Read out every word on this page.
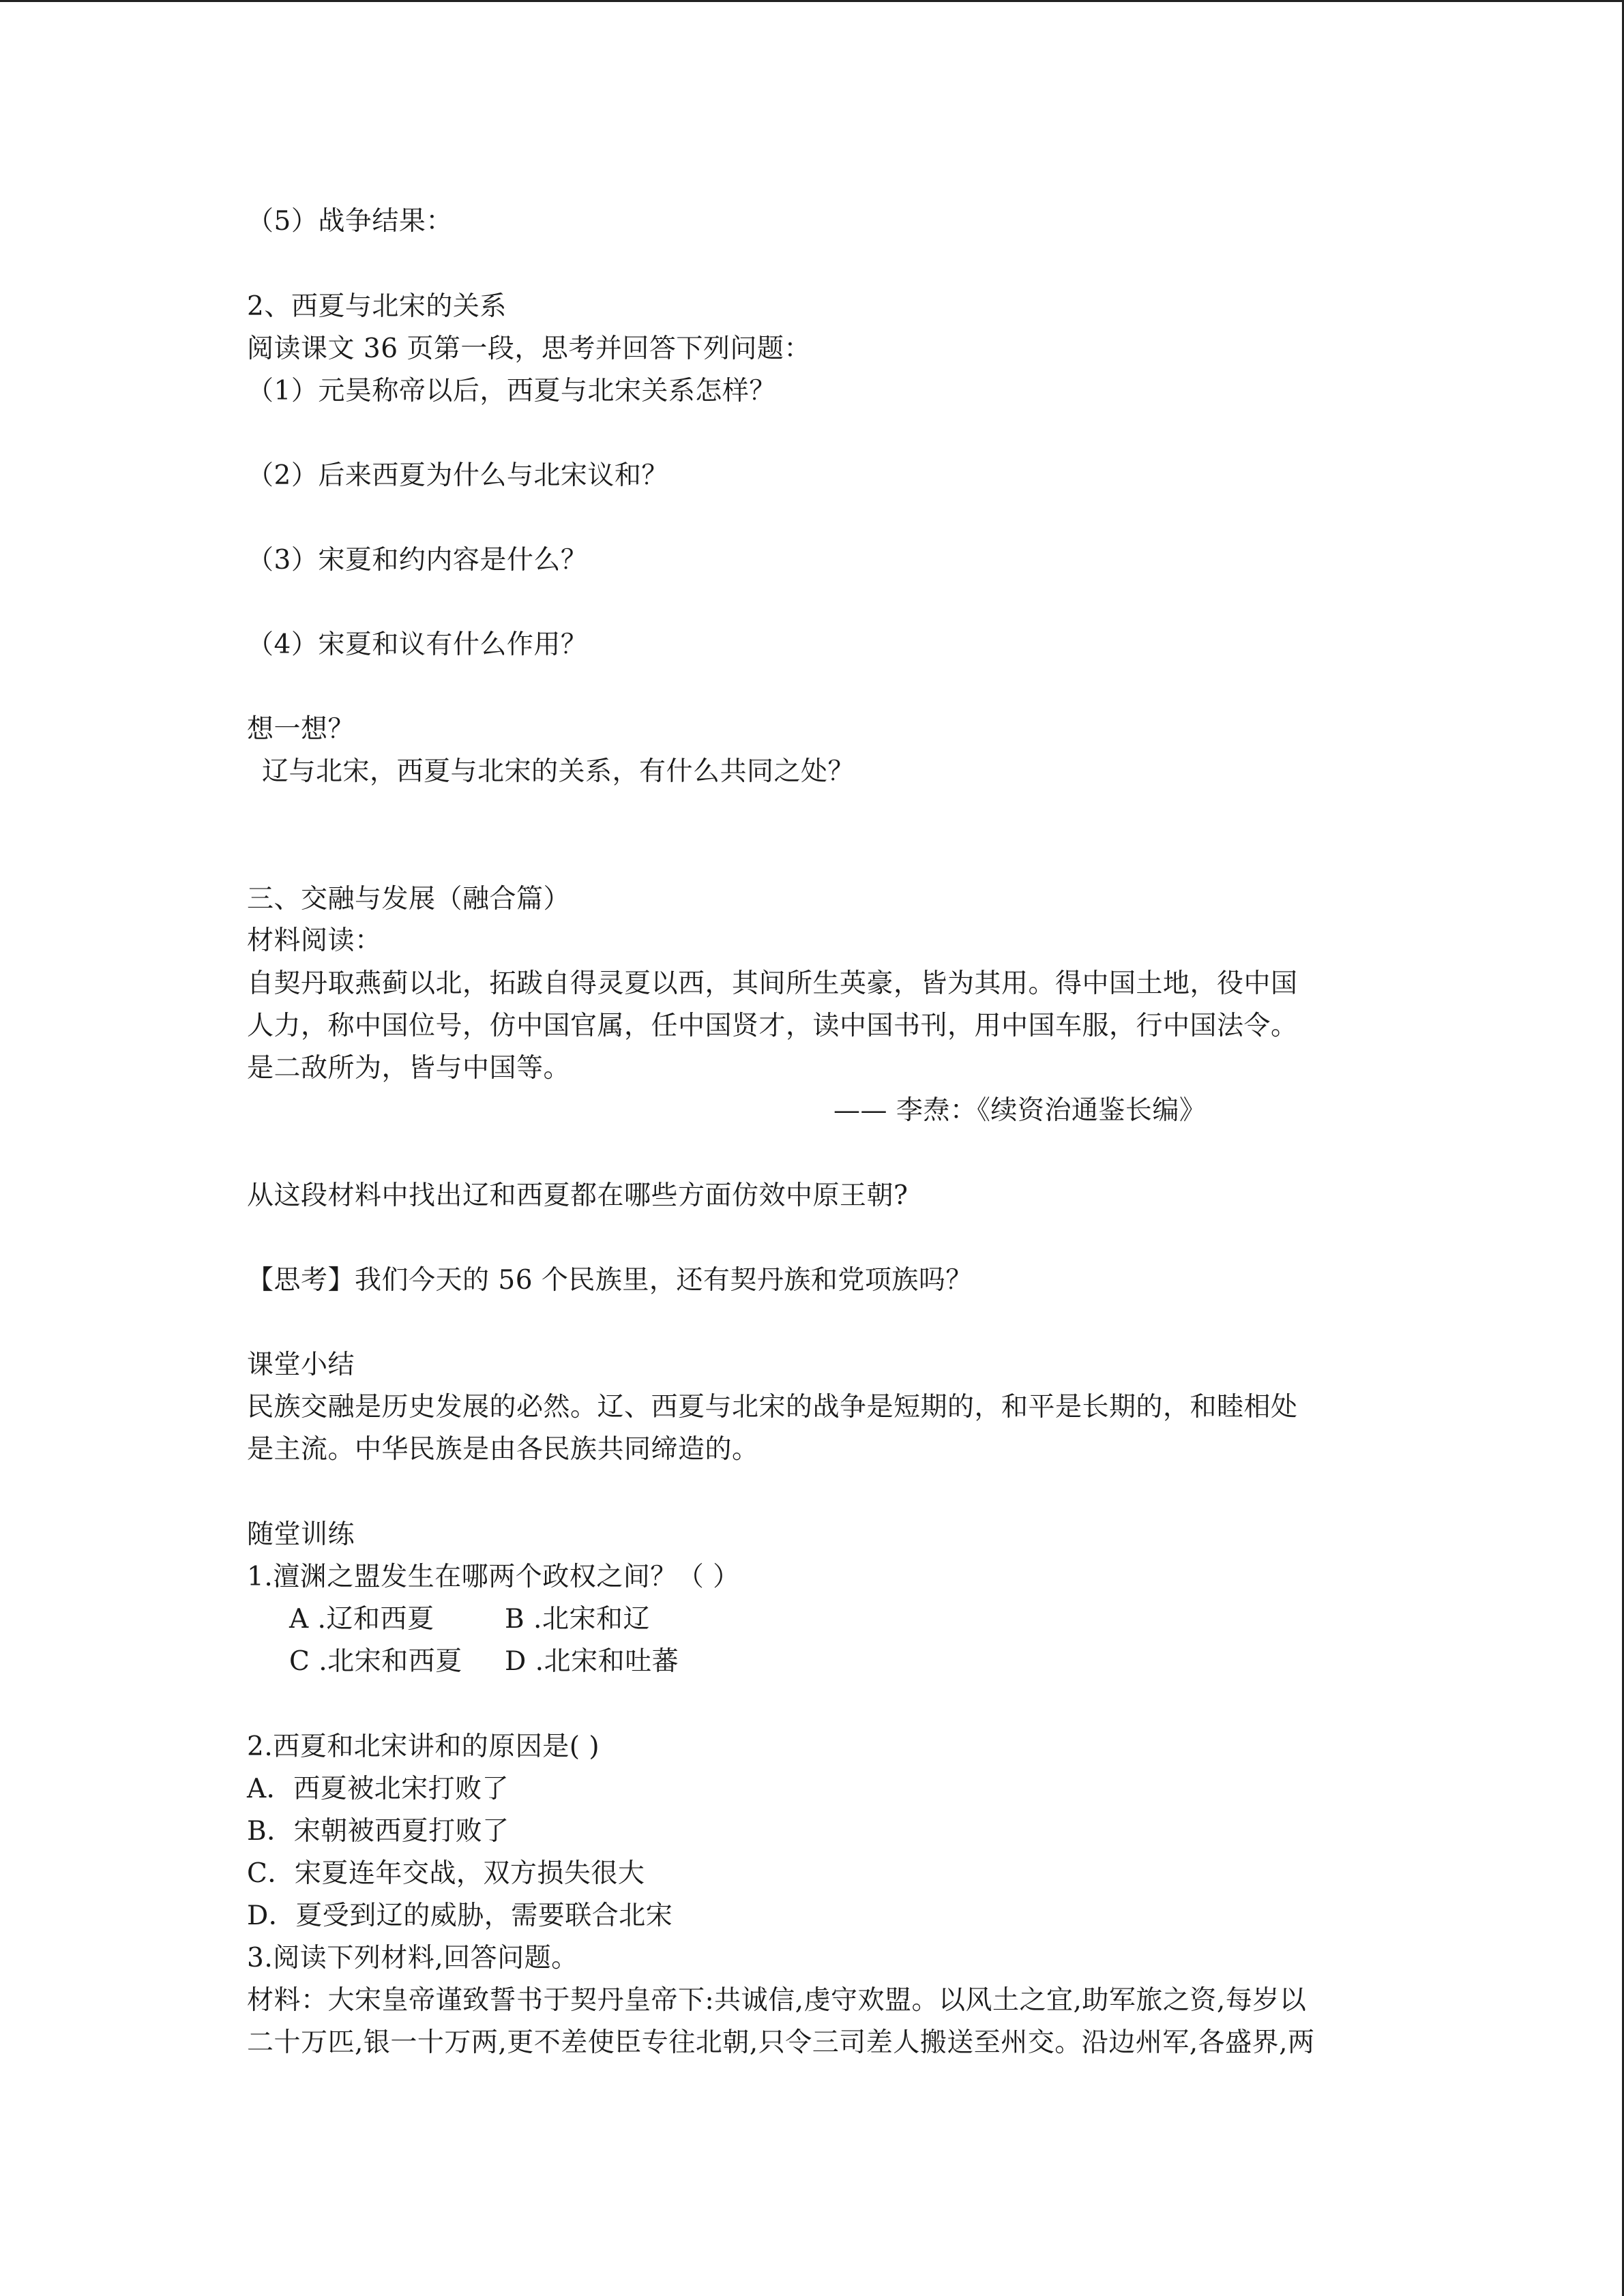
（5）战争结果：
2、西夏与北宋的关系
阅读课文 36 页第一段，思考并回答下列问题：
（1）元昊称帝以后，西夏与北宋关系怎样？
（2）后来西夏为什么与北宋议和？
（3）宋夏和约内容是什么？
（4）宋夏和议有什么作用？
想一想？
辽与北宋，西夏与北宋的关系，有什么共同之处？
三、交融与发展（融合篇）
材料阅读：
自契丹取燕蓟以北，拓跋自得灵夏以西，其间所生英豪，皆为其用。得中国土地，役中国
人力，称中国位号，仿中国官属，任中国贤才，读中国书刊，用中国车服，行中国法令。
是二敌所为，皆与中国等。
—— 李焘：《续资治通鉴长编》
从这段材料中找出辽和西夏都在哪些方面仿效中原王朝?
【思考】我们今天的 56 个民族里，还有契丹族和党项族吗？
课堂小结
民族交融是历史发展的必然。辽、西夏与北宋的战争是短期的，和平是长期的，和睦相处
是主流。中华民族是由各民族共同缔造的。
随堂训练
1.澶渊之盟发生在哪两个政权之间？（ ）
A .辽和西夏	B .北宋和辽
C .北宋和西夏 D .北宋和吐蕃
2.西夏和北宋讲和的原因是( )
A．西夏被北宋打败了
B．宋朝被西夏打败了
C．宋夏连年交战，双方损失很大
D．夏受到辽的威胁，需要联合北宋
3.阅读下列材料,回答问题。
材料：大宋皇帝谨致誓书于契丹皇帝下:共诚信,虔守欢盟。以风土之宜,助军旅之资,每岁以
二十万匹,银一十万两,更不差使臣专往北朝,只令三司差人搬送至州交。沿边州军,各盛界,两
